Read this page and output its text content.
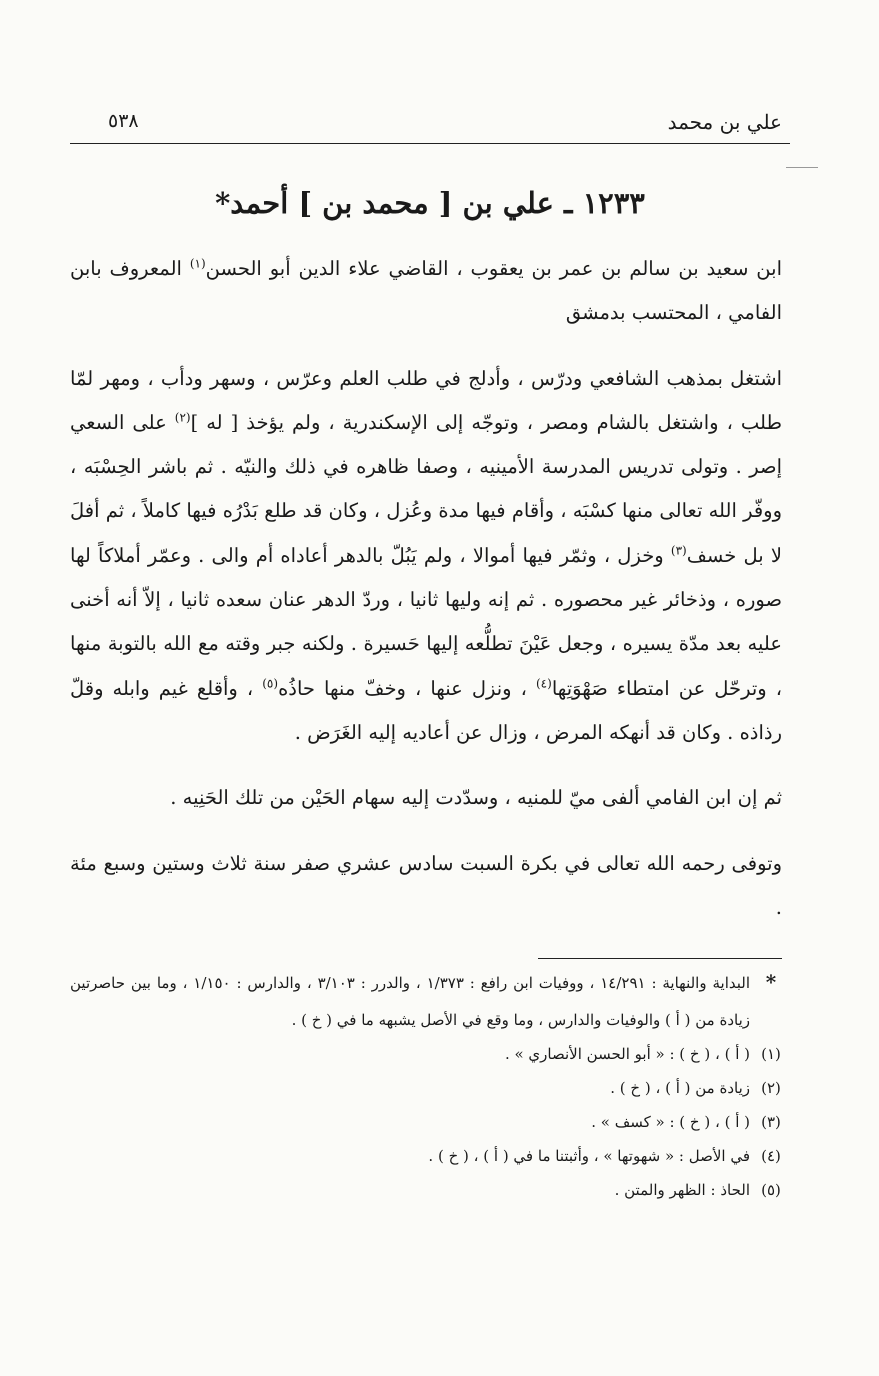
علي بن محمد
٥٣٨
١٢٣٣ ـ علي بن [ محمد بن ] أحمد*

ابن سعيد بن سالم بن عمر بن يعقوب ، القاضي علاء الدين أبو الحسن$^{(١)}$ المعروف بابن الفامي ، المحتسب بدمشق

اشتغل بمذهب الشافعي ودرّس ، وأدلج في طلب العلم وعرّس ، وسهر ودأب ، ومهر لمّا طلب ، واشتغل بالشام ومصر ، وتوجّه إلى الإسكندرية ، ولم يؤخذ [ له ]$^{(٢)}$ على السعي إصر . وتولى تدريس المدرسة الأمينيه ، وصفا ظاهره في ذلك والنيّه . ثم باشر الحِسْبَه ، ووفّر الله تعالى منها كسْبَه ، وأقام فيها مدة وعُزل ، وكان قد طلع بَدْرُه فيها كاملاً ، ثم أفلَ لا بل خسف$^{(٣)}$ وخزل ، وثمّر فيها أموالا ، ولم يَبُلّ بالدهر أعاداه أم والى . وعمّر أملاكاً لها صوره ، وذخائر غير محصوره . ثم إنه وليها ثانيا ، وردّ الدهر عنان سعده ثانيا ، إلاّ أنه أخنى عليه بعد مدّة يسيره ، وجعل عَيْنَ تطلُّعه إليها حَسيرة . ولكنه جبر وقته مع الله بالتوبة منها ، وترحّل عن امتطاء صَهْوَتِها$^{(٤)}$ ، ونزل عنها ، وخفّ منها حاذُه$^{(٥)}$ ، وأقلع غيم وابله وقلّ رذاذه . وكان قد أنهكه المرض ، وزال عن أعاديه إليه الغَرَض .

ثم إن ابن الفامي ألفى ميّ للمنيه ، وسدّدت إليه سهام الحَيْن من تلك الحَنِيه .

وتوفى رحمه الله تعالى في بكرة السبت سادس عشري صفر سنة ثلاث وستين وسبع مئة .

*
البداية والنهاية : ١٤/٢٩١ ، ووفيات ابن رافع : ١/٣٧٣ ، والدرر : ٣/١٠٣ ، والدارس : ١/١٥٠ ، وما بين حاصرتين زيادة من ( أ ) والوفيات والدارس ، وما وقع في الأصل يشبهه ما في ( خ ) .
(١)
( أ ) ، ( خ ) : « أبو الحسن الأنصاري » .
(٢)
زيادة من ( أ ) ، ( خ ) .
(٣)
( أ ) ، ( خ ) : « كسف » .
(٤)
في الأصل : « شهوتها » ، وأثبتنا ما في ( أ ) ، ( خ ) .
(٥)
الحاذ : الظهر والمتن .
